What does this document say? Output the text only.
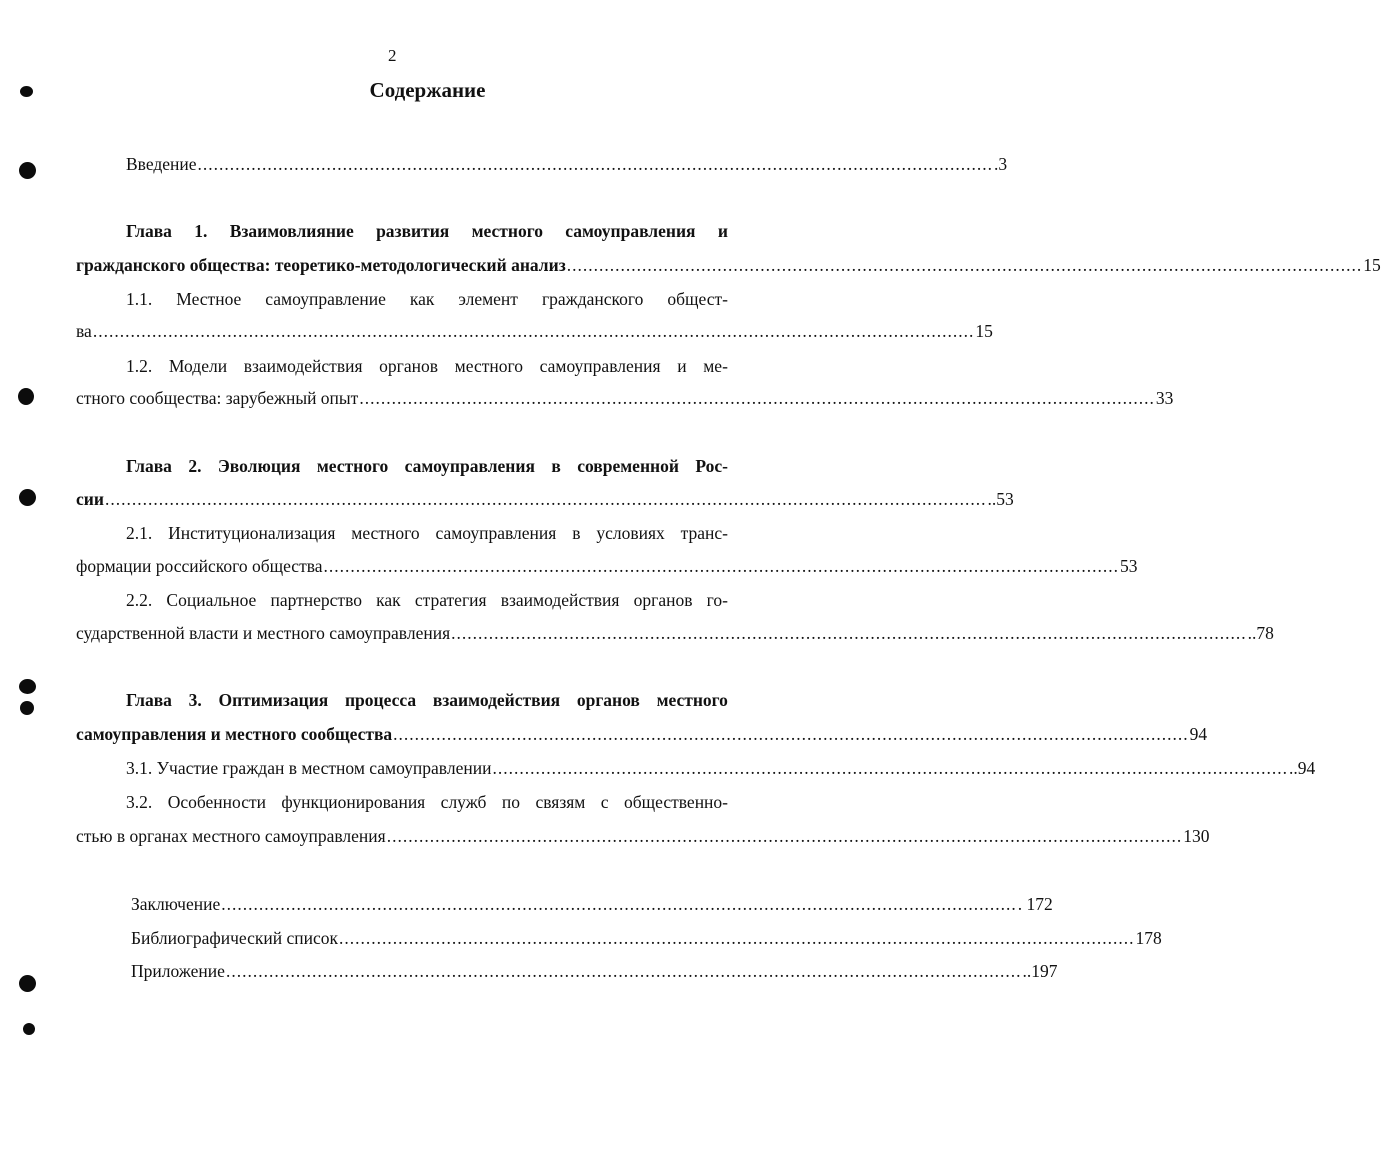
2
Содержание
Введение .................................................................................................................................................... .3
Глава 1. Взаимовлияние развития местного самоуправления и
гражданского общества: теоретико-методологический анализ .................................................................................................................................................... 15
1.1. Местное самоуправление как элемент гражданского общест-
ва .................................................................................................................................................................... 15
1.2. Модели взаимодействия органов местного самоуправления и ме-
стного сообщества: зарубежный опыт .................................................................................................................................................... 33
Глава 2. Эволюция местного самоуправления в современной Рос-
сии .................................................................................................................................................................... ..53
2.1. Институционализация местного самоуправления в условиях транс-
формации российского общества .................................................................................................................................................... 53
2.2. Социальное партнерство как стратегия взаимодействия органов го-
сударственной власти и местного самоуправления .................................................................................................................................................... ..78
Глава 3. Оптимизация процесса взаимодействия органов местного
самоуправления и местного сообщества .................................................................................................................................................... 94
3.1. Участие граждан в местном самоуправлении .................................................................................................................................................... ..94
3.2. Особенности функционирования служб по связям с общественно-
стью в органах местного самоуправления .................................................................................................................................................... 130
Заключение .................................................................................................................................................... . 172
Библиографический список .................................................................................................................................................... 178
Приложение .................................................................................................................................................... ..197
